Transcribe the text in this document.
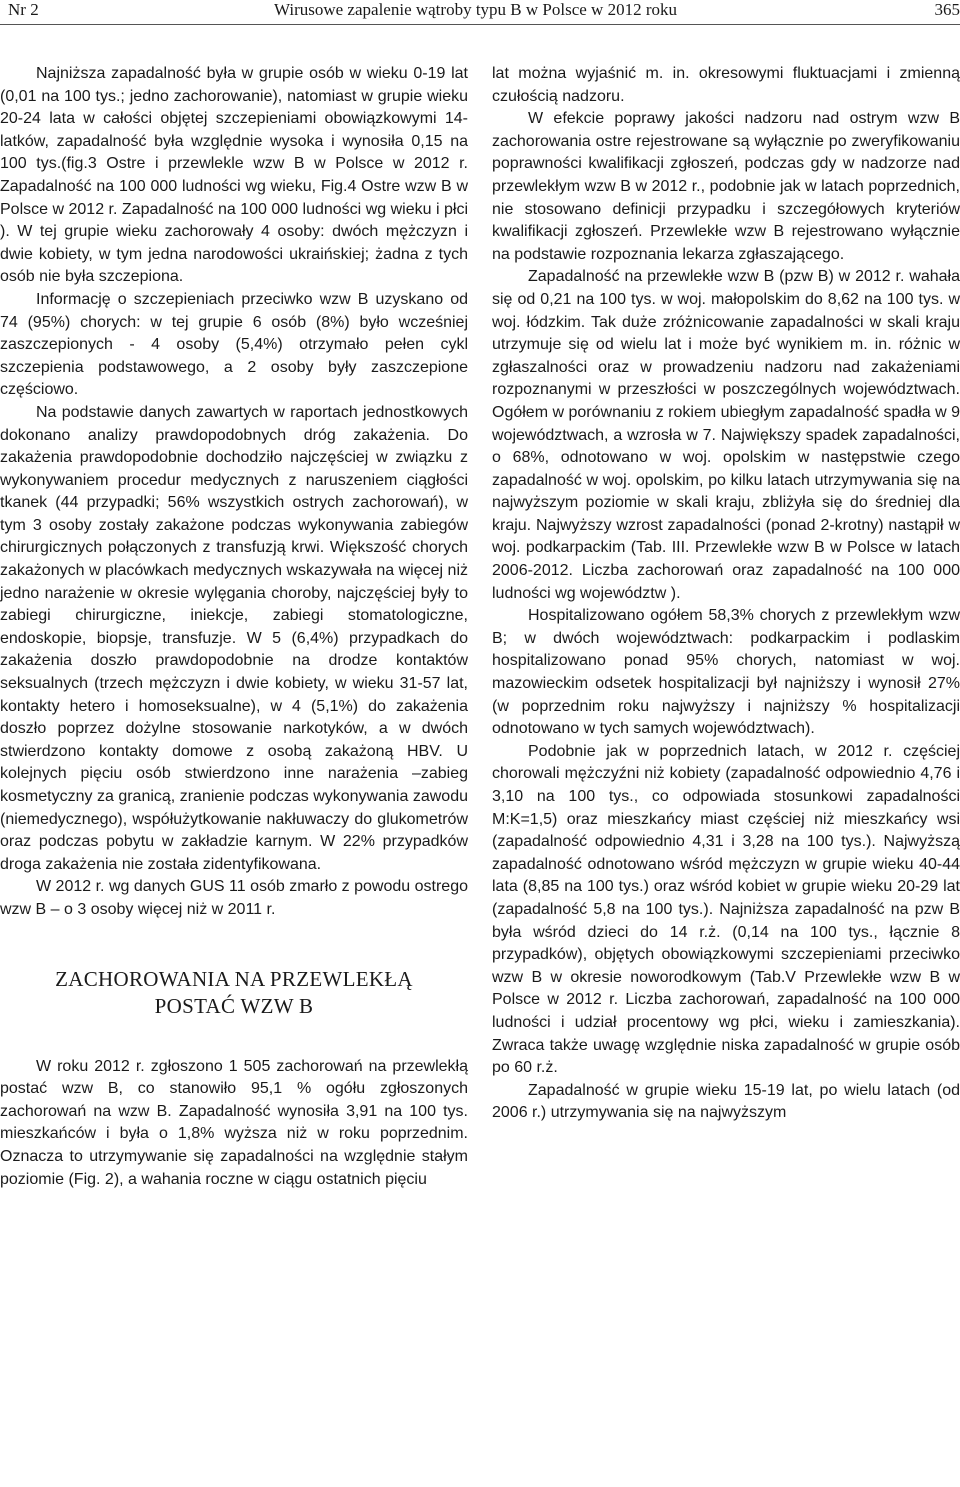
Nr 2	Wirusowe zapalenie wątroby typu B w Polsce w 2012 roku	365

Najniższa zapadalność była w grupie osób w wieku 0-19 lat (0,01 na 100 tys.; jedno zachorowanie), natomiast w grupie wieku 20-24 lata w całości objętej szczepieniami obowiązkowymi 14-latków, zapadalność była względnie wysoka i wynosiła 0,15 na 100 tys.(fig.3 Ostre i przewlekle wzw B w Polsce w 2012 r. Zapadalność na 100 000 ludności wg wieku, Fig.4 Ostre wzw B w Polsce w 2012 r. Zapadalność na 100 000 ludności wg wieku i płci ). W tej grupie wieku zachorowały 4 osoby: dwóch mężczyzn i dwie kobiety, w tym jedna narodowości ukraińskiej; żadna z tych osób nie była szczepiona.

Informację o szczepieniach przeciwko wzw B uzyskano od 74 (95%) chorych: w tej grupie 6 osób (8%) było wcześniej zaszczepionych - 4 osoby (5,4%) otrzymało pełen cykl szczepienia podstawowego, a 2 osoby były zaszczepione częściowo.

Na podstawie danych zawartych w raportach jednostkowych dokonano analizy prawdopodobnych dróg zakażenia. Do zakażenia prawdopodobnie dochodziło najczęściej w związku z wykonywaniem procedur medycznych z naruszeniem ciągłości tkanek (44 przypadki; 56% wszystkich ostrych zachorowań), w tym 3 osoby zostały zakażone podczas wykonywania zabiegów chirurgicznych połączonych z transfuzją krwi. Większość chorych zakażonych w placówkach medycznych wskazywała na więcej niż jedno narażenie w okresie wylęgania choroby, najczęściej były to zabiegi chirurgiczne, iniekcje, zabiegi stomatologiczne, endoskopie, biopsje, transfuzje. W 5 (6,4%) przypadkach do zakażenia doszło prawdopodobnie na drodze kontaktów seksualnych (trzech mężczyzn i dwie kobiety, w wieku 31-57 lat, kontakty hetero i homoseksualne), w 4 (5,1%) do zakażenia doszło poprzez dożylne stosowanie narkotyków, a w dwóch stwierdzono kontakty domowe z osobą zakażoną HBV. U kolejnych pięciu osób stwierdzono inne narażenia –zabieg kosmetyczny za granicą, zranienie podczas wykonywania zawodu (niemedycznego), współużytkowanie nakłuwaczy do glukometrów oraz podczas pobytu w zakładzie karnym. W 22% przypadków droga zakażenia nie została zidentyfikowana.

W 2012 r. wg danych GUS 11 osób zmarło z powodu ostrego wzw B – o 3 osoby więcej niż w 2011 r.

ZACHOROWANIA NA PRZEWLEKŁĄ
POSTAĆ WZW B

W roku 2012 r. zgłoszono 1 505 zachorowań na przewlekłą postać wzw B, co stanowiło 95,1 % ogółu zgłoszonych zachorowań na wzw B. Zapadalność wynosiła 3,91 na 100 tys. mieszkańców i była o 1,8% wyższa niż w roku poprzednim. Oznacza to utrzymywanie się zapadalności na względnie stałym poziomie (Fig. 2), a wahania roczne w ciągu ostatnich pięciu

lat można wyjaśnić m. in. okresowymi fluktuacjami i zmienną czułością nadzoru.

W efekcie poprawy jakości nadzoru nad ostrym wzw B zachorowania ostre rejestrowane są wyłącznie po zweryfikowaniu poprawności kwalifikacji zgłoszeń, podczas gdy w nadzorze nad przewlekłym wzw B w 2012 r., podobnie jak w latach poprzednich, nie stosowano definicji przypadku i szczegółowych kryteriów kwalifikacji zgłoszeń. Przewlekłe wzw B rejestrowano wyłącznie na podstawie rozpoznania lekarza zgłaszającego.

Zapadalność na przewlekłe wzw B (pzw B) w 2012 r. wahała się od 0,21 na 100 tys. w woj. małopolskim do 8,62 na 100 tys. w woj. łódzkim. Tak duże zróżnicowanie zapadalności w skali kraju utrzymuje się od wielu lat i może być wynikiem m. in. różnic w zgłaszalności oraz w prowadzeniu nadzoru nad zakażeniami rozpoznanymi w przeszłości w poszczególnych województwach. Ogółem w porównaniu z rokiem ubiegłym zapadalność spadła w 9 województwach, a wzrosła w 7. Największy spadek zapadalności, o 68%, odnotowano w woj. opolskim w następstwie czego zapadalność w woj. opolskim, po kilku latach utrzymywania się na najwyższym poziomie w skali kraju, zbliżyła się do średniej dla kraju. Najwyższy wzrost zapadalności (ponad 2-krotny) nastąpił w woj. podkarpackim (Tab. III. Przewlekłe wzw B w Polsce w latach 2006-2012. Liczba zachorowań oraz zapadalność na 100 000 ludności wg województw ).

Hospitalizowano ogółem 58,3% chorych z przewlekłym wzw B; w dwóch województwach: podkarpackim i podlaskim hospitalizowano ponad 95% chorych, natomiast w woj. mazowieckim odsetek hospitalizacji był najniższy i wynosił 27% (w poprzednim roku najwyższy i najniższy % hospitalizacji odnotowano w tych samych województwach).

Podobnie jak w poprzednich latach, w 2012 r. częściej chorowali mężczyźni niż kobiety (zapadalność odpowiednio 4,76 i 3,10 na 100 tys., co odpowiada stosunkowi zapadalności M:K=1,5) oraz mieszkańcy miast częściej niż mieszkańcy wsi (zapadalność odpowiednio 4,31 i 3,28 na 100 tys.). Najwyższą zapadalność odnotowano wśród mężczyzn w grupie wieku 40-44 lata (8,85 na 100 tys.) oraz wśród kobiet w grupie wieku 20-29 lat (zapadalność 5,8 na 100 tys.). Najniższa zapadalność na pzw B była wśród dzieci do 14 r.ż. (0,14 na 100 tys., łącznie 8 przypadków), objętych obowiązkowymi szczepieniami przeciwko wzw B w okresie noworodkowym (Tab.V Przewlekłe wzw B w Polsce w 2012 r. Liczba zachorowań, zapadalność na 100 000 ludności i udział procentowy wg płci, wieku i zamieszkania). Zwraca także uwagę względnie niska zapadalność w grupie osób po 60 r.ż.

Zapadalność w grupie wieku 15-19 lat, po wielu latach (od 2006 r.) utrzymywania się na najwyższym
